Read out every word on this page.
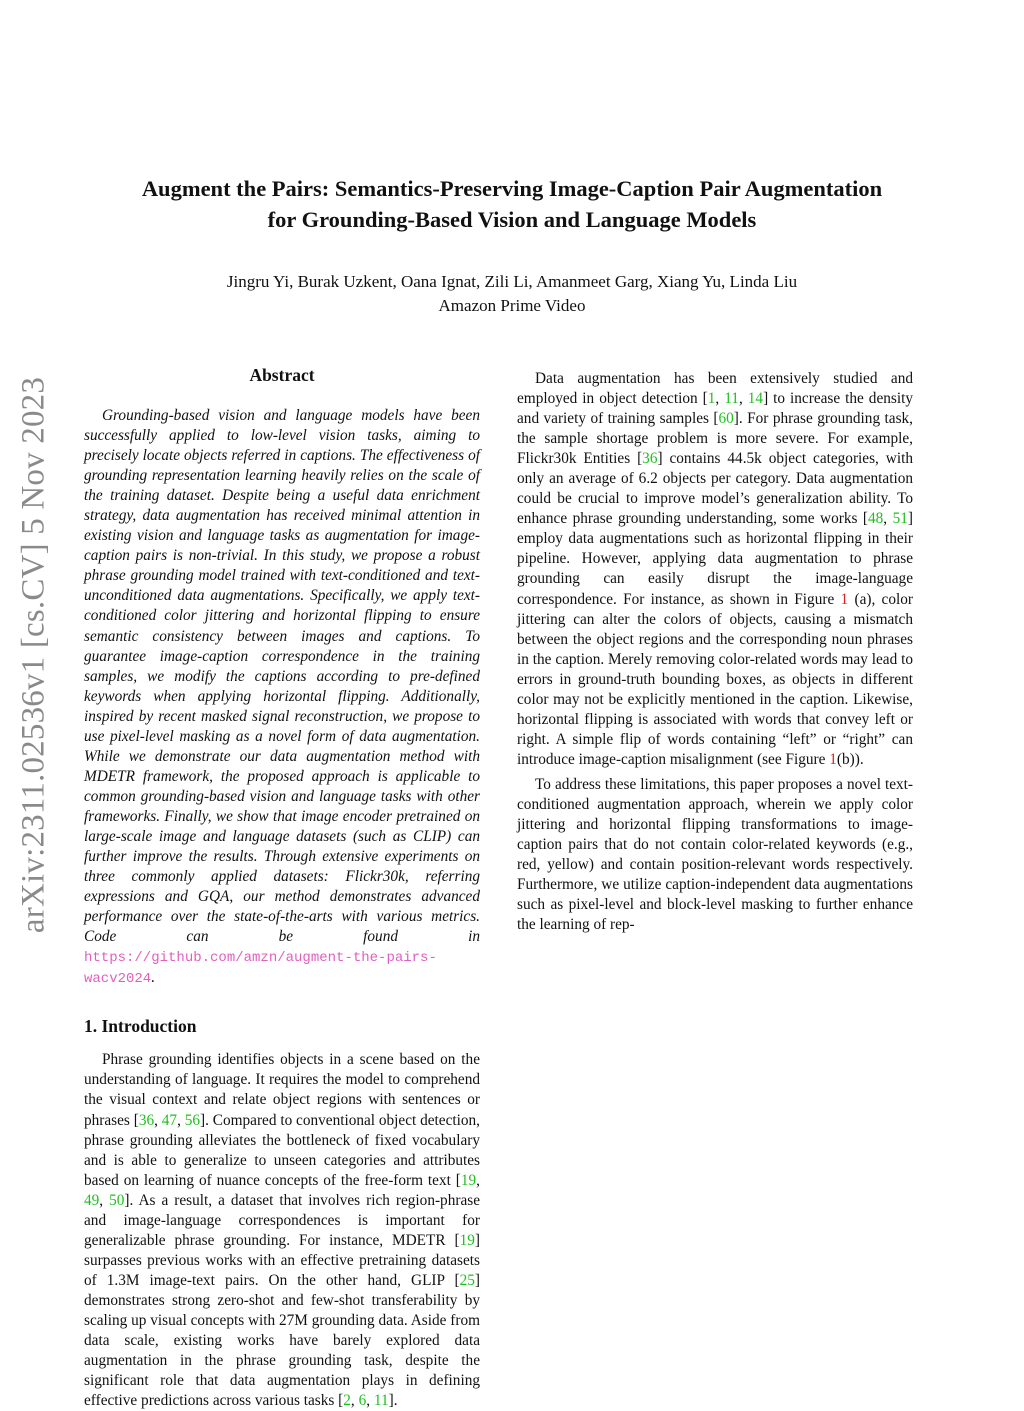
arXiv:2311.02536v1 [cs.CV] 5 Nov 2023
Augment the Pairs: Semantics-Preserving Image-Caption Pair Augmentation
for Grounding-Based Vision and Language Models
Jingru Yi, Burak Uzkent, Oana Ignat, Zili Li, Amanmeet Garg, Xiang Yu, Linda Liu
Amazon Prime Video
Abstract

Grounding-based vision and language models have been successfully applied to low-level vision tasks, aiming to precisely locate objects referred in captions. The effectiveness of grounding representation learning heavily relies on the scale of the training dataset. Despite being a useful data enrichment strategy, data augmentation has received minimal attention in existing vision and language tasks as augmentation for image-caption pairs is non-trivial. In this study, we propose a robust phrase grounding model trained with text-conditioned and text-unconditioned data augmentations. Specifically, we apply text-conditioned color jittering and horizontal flipping to ensure semantic consistency between images and captions. To guarantee image-caption correspondence in the training samples, we modify the captions according to pre-defined keywords when applying horizontal flipping. Additionally, inspired by recent masked signal reconstruction, we propose to use pixel-level masking as a novel form of data augmentation. While we demonstrate our data augmentation method with MDETR framework, the proposed approach is applicable to common grounding-based vision and language tasks with other frameworks. Finally, we show that image encoder pretrained on large-scale image and language datasets (such as CLIP) can further improve the results. Through extensive experiments on three commonly applied datasets: Flickr30k, referring expressions and GQA, our method demonstrates advanced performance over the state-of-the-arts with various metrics. Code can be found in https://github.com/amzn/augment-the-pairs-wacv2024.

1. Introduction

Phrase grounding identifies objects in a scene based on the understanding of language. It requires the model to comprehend the visual context and relate object regions with sentences or phrases [36, 47, 56]. Compared to conventional object detection, phrase grounding alleviates the bottleneck of fixed vocabulary and is able to generalize to unseen categories and attributes based on learning of nuance concepts of the free-form text [19, 49, 50]. As a result, a dataset that involves rich region-phrase and image-language correspondences is important for generalizable phrase grounding. For instance, MDETR [19] surpasses previous works with an effective pretraining datasets of 1.3M image-text pairs. On the other hand, GLIP [25] demonstrates strong zero-shot and few-shot transferability by scaling up visual concepts with 27M grounding data. Aside from data scale, existing works have barely explored data augmentation in the phrase grounding task, despite the significant role that data augmentation plays in defining effective predictions across various tasks [2, 6, 11].

Data augmentation has been extensively studied and employed in object detection [1, 11, 14] to increase the density and variety of training samples [60]. For phrase grounding task, the sample shortage problem is more severe. For example, Flickr30k Entities [36] contains 44.5k object categories, with only an average of 6.2 objects per category. Data augmentation could be crucial to improve model’s generalization ability. To enhance phrase grounding understanding, some works [48, 51] employ data augmentations such as horizontal flipping in their pipeline. However, applying data augmentation to phrase grounding can easily disrupt the image-language correspondence. For instance, as shown in Figure 1 (a), color jittering can alter the colors of objects, causing a mismatch between the object regions and the corresponding noun phrases in the caption. Merely removing color-related words may lead to errors in ground-truth bounding boxes, as objects in different color may not be explicitly mentioned in the caption. Likewise, horizontal flipping is associated with words that convey left or right. A simple flip of words containing “left” or “right” can introduce image-caption misalignment (see Figure 1(b)).

To address these limitations, this paper proposes a novel text-conditioned augmentation approach, wherein we apply color jittering and horizontal flipping transformations to image-caption pairs that do not contain color-related keywords (e.g., red, yellow) and contain position-relevant words respectively. Furthermore, we utilize caption-independent data augmentations such as pixel-level and block-level masking to further enhance the learning of rep-
